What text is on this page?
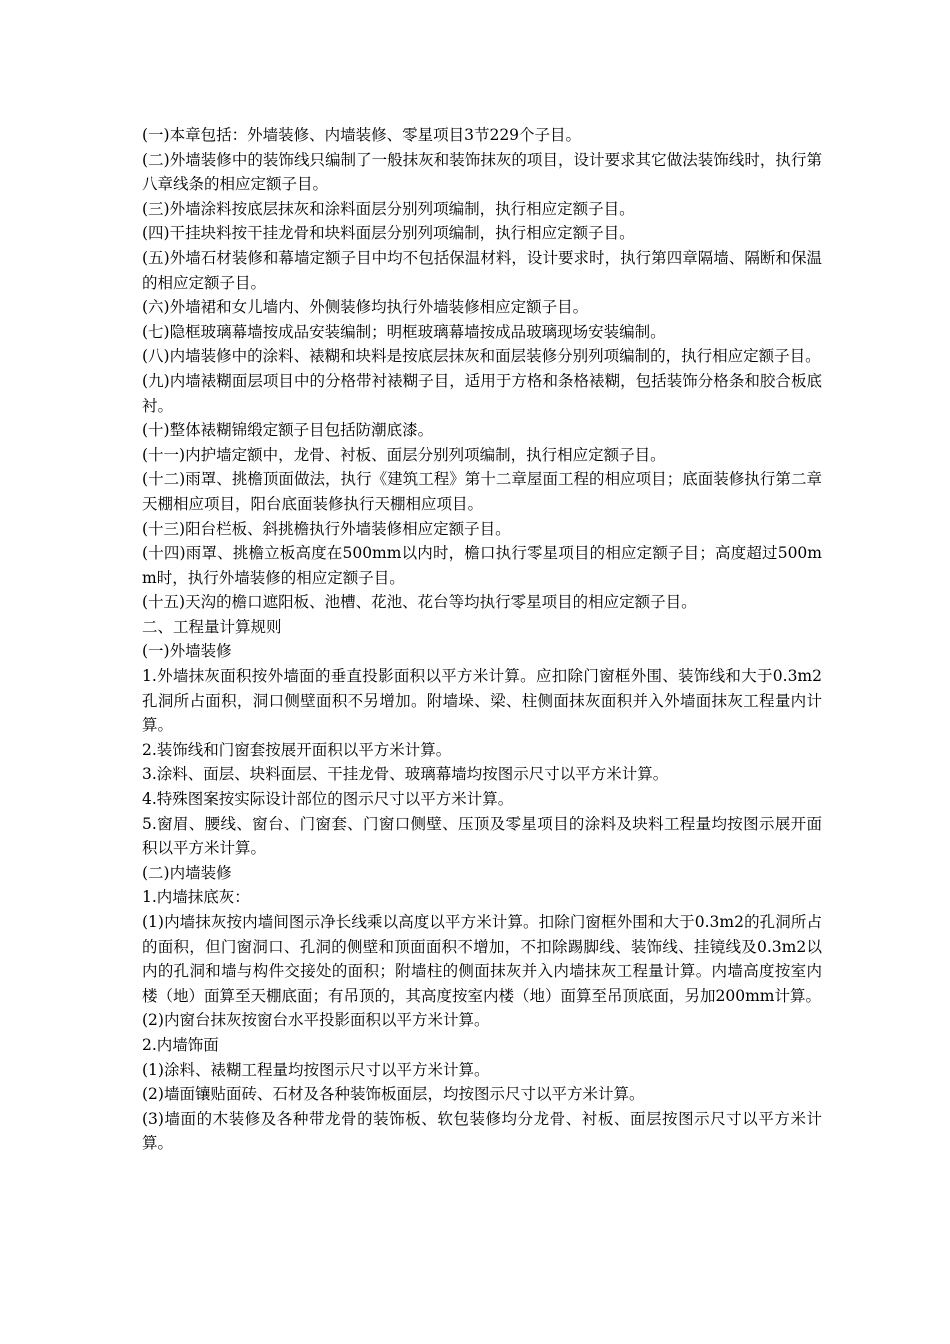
(一)本章包括：外墙装修、内墙装修、零星项目3节229个子目。

(二)外墙装修中的装饰线只编制了一般抹灰和装饰抹灰的项目，设计要求其它做法装饰线时，执行第八章线条的相应定额子目。

(三)外墙涂料按底层抹灰和涂料面层分别列项编制，执行相应定额子目。

(四)干挂块料按干挂龙骨和块料面层分别列项编制，执行相应定额子目。

(五)外墙石材装修和幕墙定额子目中均不包括保温材料，设计要求时，执行第四章隔墙、隔断和保温的相应定额子目。

(六)外墙裙和女儿墙内、外侧装修均执行外墙装修相应定额子目。

(七)隐框玻璃幕墙按成品安装编制；明框玻璃幕墙按成品玻璃现场安装编制。

(八)内墙装修中的涂料、裱糊和块料是按底层抹灰和面层装修分别列项编制的，执行相应定额子目。

(九)内墙裱糊面层项目中的分格带衬裱糊子目，适用于方格和条格裱糊，包括装饰分格条和胶合板底衬。

(十)整体裱糊锦缎定额子目包括防潮底漆。

(十一)内护墙定额中，龙骨、衬板、面层分别列项编制，执行相应定额子目。

(十二)雨罩、挑檐顶面做法，执行《建筑工程》第十二章屋面工程的相应项目；底面装修执行第二章天棚相应项目，阳台底面装修执行天棚相应项目。

(十三)阳台栏板、斜挑檐执行外墙装修相应定额子目。

(十四)雨罩、挑檐立板高度在500mm以内时，檐口执行零星项目的相应定额子目；高度超过500mm时，执行外墙装修的相应定额子目。

(十五)天沟的檐口遮阳板、池槽、花池、花台等均执行零星项目的相应定额子目。

二、工程量计算规则

(一)外墙装修

1.外墙抹灰面积按外墙面的垂直投影面积以平方米计算。应扣除门窗框外围、装饰线和大于0.3m2孔洞所占面积，洞口侧壁面积不另增加。附墙垛、梁、柱侧面抹灰面积并入外墙面抹灰工程量内计算。

2.装饰线和门窗套按展开面积以平方米计算。

3.涂料、面层、块料面层、干挂龙骨、玻璃幕墙均按图示尺寸以平方米计算。

4.特殊图案按实际设计部位的图示尺寸以平方米计算。

5.窗眉、腰线、窗台、门窗套、门窗口侧壁、压顶及零星项目的涂料及块料工程量均按图示展开面积以平方米计算。

(二)内墙装修

1.内墙抹底灰：

(1)内墙抹灰按内墙间图示净长线乘以高度以平方米计算。扣除门窗框外围和大于0.3m2的孔洞所占的面积，但门窗洞口、孔洞的侧壁和顶面面积不增加，不扣除踢脚线、装饰线、挂镜线及0.3m2以内的孔洞和墙与构件交接处的面积；附墙柱的侧面抹灰并入内墙抹灰工程量计算。内墙高度按室内楼（地）面算至天棚底面；有吊顶的，其高度按室内楼（地）面算至吊顶底面，另加200mm计算。

(2)内窗台抹灰按窗台水平投影面积以平方米计算。

2.内墙饰面

(1)涂料、裱糊工程量均按图示尺寸以平方米计算。

(2)墙面镶贴面砖、石材及各种装饰板面层，均按图示尺寸以平方米计算。

(3)墙面的木装修及各种带龙骨的装饰板、软包装修均分龙骨、衬板、面层按图示尺寸以平方米计算。
